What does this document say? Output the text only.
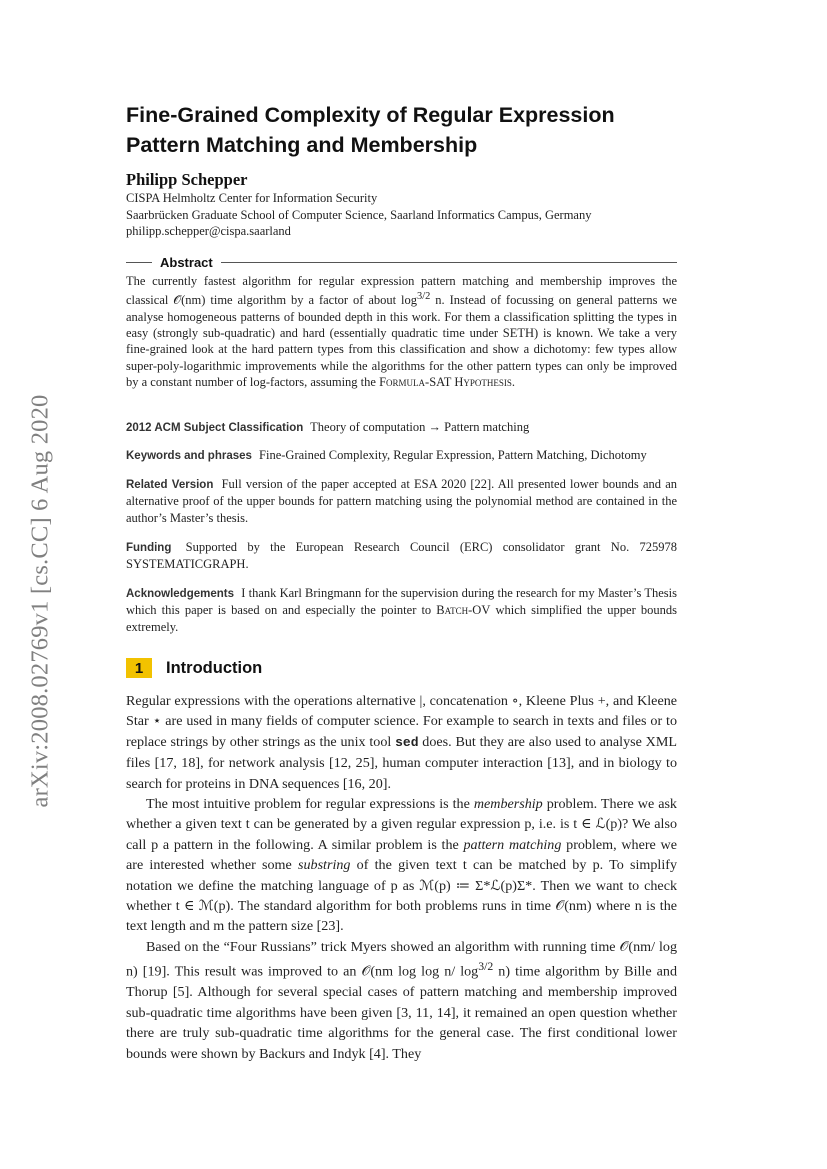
arXiv:2008.02769v1 [cs.CC] 6 Aug 2020
Fine-Grained Complexity of Regular Expression
Pattern Matching and Membership
Philipp Schepper
CISPA Helmholtz Center for Information Security
Saarbrücken Graduate School of Computer Science, Saarland Informatics Campus, Germany
philipp.schepper@cispa.saarland
Abstract

The currently fastest algorithm for regular expression pattern matching and membership improves the classical 𝒪(nm) time algorithm by a factor of about $\log^{3/2} n$. Instead of focussing on general patterns we analyse homogeneous patterns of bounded depth in this work. For them a classification splitting the types in easy (strongly sub-quadratic) and hard (essentially quadratic time under SETH) is known. We take a very fine-grained look at the hard pattern types from this classification and show a dichotomy: few types allow super-poly-logarithmic improvements while the algorithms for the other pattern types can only be improved by a constant number of log-factors, assuming the Formula-SAT Hypothesis.

2012 ACM Subject Classification Theory of computation → Pattern matching

Keywords and phrases Fine-Grained Complexity, Regular Expression, Pattern Matching, Dichotomy

Related Version Full version of the paper accepted at ESA 2020 [22]. All presented lower bounds and an alternative proof of the upper bounds for pattern matching using the polynomial method are contained in the author’s Master’s thesis.

Funding Supported by the European Research Council (ERC) consolidator grant No. 725978 SYSTEMATICGRAPH.

Acknowledgements I thank Karl Bringmann for the supervision during the research for my Master’s Thesis which this paper is based on and especially the pointer to Batch-OV which simplified the upper bounds extremely.

1	Introduction

Regular expressions with the operations alternative |, concatenation ∘, Kleene Plus +, and Kleene Star ⋆ are used in many fields of computer science. For example to search in texts and files or to replace strings by other strings as the unix tool sed does. But they are also used to analyse XML files [17, 18], for network analysis [12, 25], human computer interaction [13], and in biology to search for proteins in DNA sequences [16, 20].

The most intuitive problem for regular expressions is the membership problem. There we ask whether a given text t can be generated by a given regular expression p, i.e. is t ∈ ℒ(p)? We also call p a pattern in the following. A similar problem is the pattern matching problem, where we are interested whether some substring of the given text t can be matched by p. To simplify notation we define the matching language of p as ℳ(p) ≔ Σ*ℒ(p)Σ*. Then we want to check whether t ∈ ℳ(p). The standard algorithm for both problems runs in time 𝒪(nm) where n is the text length and m the pattern size [23].

Based on the “Four Russians” trick Myers showed an algorithm with running time 𝒪(nm/ log n) [19]. This result was improved to an 𝒪(nm log log n/ $\log^{3/2} n$) time algorithm by Bille and Thorup [5]. Although for several special cases of pattern matching and membership improved sub-quadratic time algorithms have been given [3, 11, 14], it remained an open question whether there are truly sub-quadratic time algorithms for the general case. The first conditional lower bounds were shown by Backurs and Indyk [4]. They
